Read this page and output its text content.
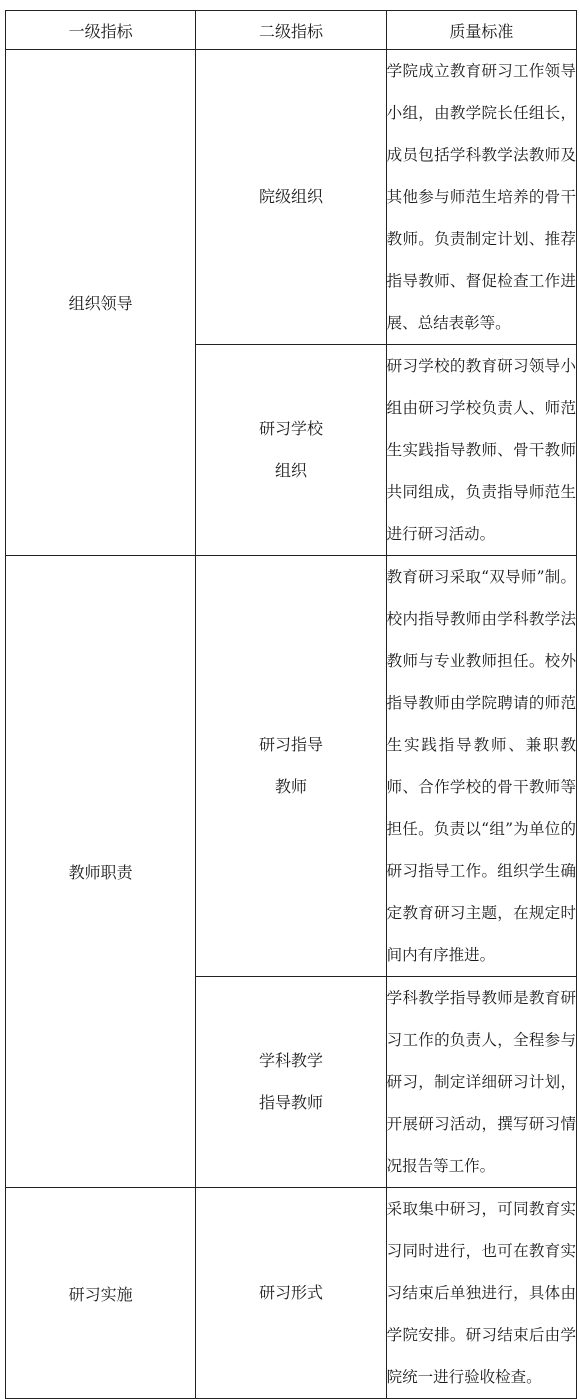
一级指标	二级指标	质量标准
组织领导	院级组织	学院成立教育研习工作领导小组，由教学院长任组长，成员包括学科教学法教师及其他参与师范生培养的骨干教师。负责制定计划、推荐指导教师、督促检查工作进展、总结表彰等。
	研习学校组织	研习学校的教育研习领导小组由研习学校负责人、师范生实践指导教师、骨干教师共同组成，负责指导师范生进行研习活动。
教师职责	研习指导教师	教育研习采取“双导师”制。校内指导教师由学科教学法教师与专业教师担任。校外指导教师由学院聘请的师范生实践指导教师、兼职教师、合作学校的骨干教师等担任。负责以“组”为单位的研习指导工作。组织学生确定教育研习主题，在规定时间内有序推进。
	学科教学指导教师	学科教学指导教师是教育研习工作的负责人，全程参与研习，制定详细研习计划，开展研习活动，撰写研习情况报告等工作。
研习实施	研习形式	采取集中研习，可同教育实习同时进行，也可在教育实习结束后单独进行，具体由学院安排。研习结束后由学院统一进行验收检查。
